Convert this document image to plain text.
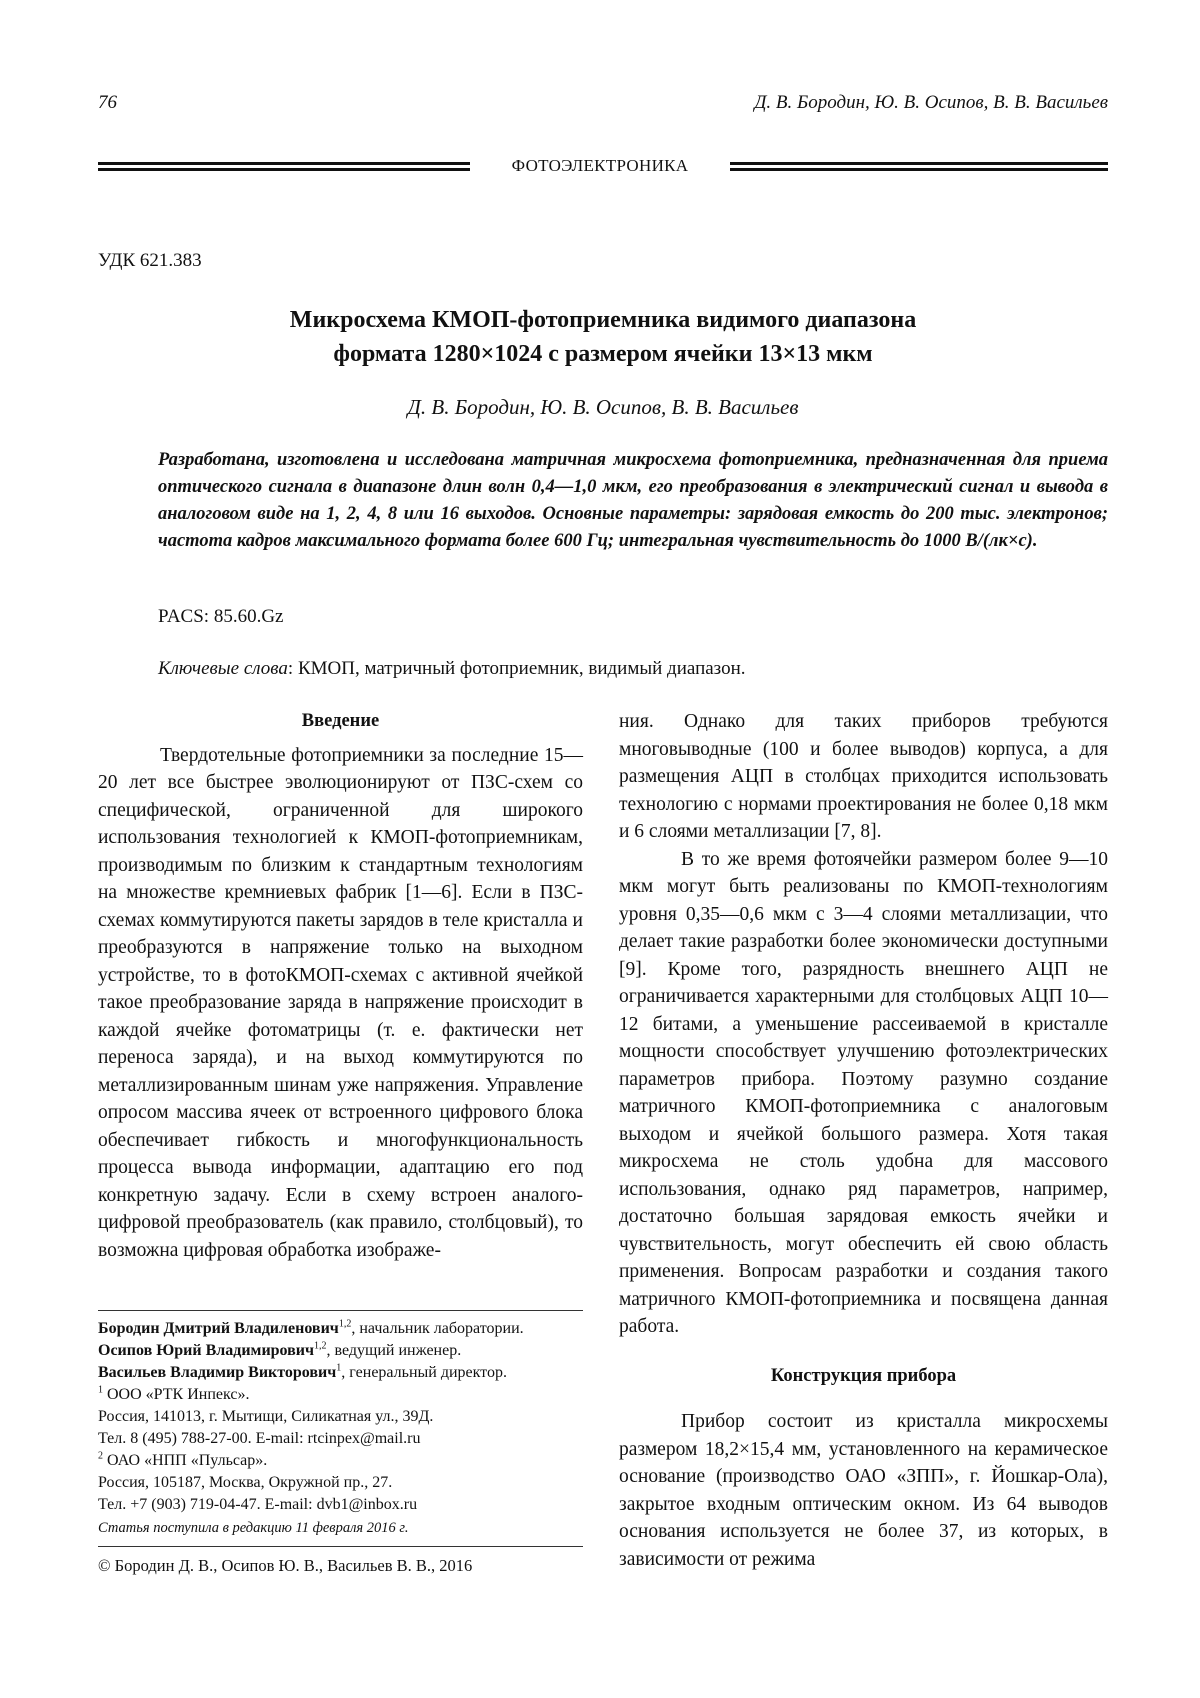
76	Д. В. Бородин, Ю. В. Осипов, В. В. Васильев
ФОТОЭЛЕКТРОНИКА
УДК 621.383
Микросхема КМОП-фотоприемника видимого диапазона
формата 1280×1024 с размером ячейки 13×13 мкм
Д. В. Бородин, Ю. В. Осипов, В. В. Васильев

Разработана, изготовлена и исследована матричная микросхема фотоприемника, предназначенная для приема оптического сигнала в диапазоне длин волн 0,4—1,0 мкм, его преобразования в электрический сигнал и вывода в аналоговом виде на 1, 2, 4, 8 или 16 выходов. Основные параметры: зарядовая емкость до 200 тыс. электронов; частота кадров максимального формата более 600 Гц; интегральная чувствительность до 1000 В/(лк×с).

PACS: 85.60.Gz
Ключевые слова: КМОП, матричный фотоприемник, видимый диапазон.

Введение

Твердотельные фотоприемники за последние 15—20 лет все быстрее эволюционируют от ПЗС-схем со специфической, ограниченной для широкого использования технологией к КМОП-фотоприемникам, производимым по близким к стандартным технологиям на множестве кремниевых фабрик [1—6]. Если в ПЗС-схемах коммутируются пакеты зарядов в теле кристалла и преобразуются в напряжение только на выходном устройстве, то в фотоКМОП-схемах с активной ячейкой такое преобразование заряда в напряжение происходит в каждой ячейке фотоматрицы (т. е. фактически нет переноса заряда), и на выход коммутируются по металлизированным шинам уже напряжения. Управление опросом массива ячеек от встроенного цифрового блока обеспечивает гибкость и многофункциональность процесса вывода информации, адаптацию его под конкретную задачу. Если в схему встроен аналого-цифровой преобразователь (как правило, столбцовый), то возможна цифровая обработка изображе-

ния. Однако для таких приборов требуются многовыводные (100 и более выводов) корпуса, а для размещения АЦП в столбцах приходится использовать технологию с нормами проектирования не более 0,18 мкм и 6 слоями металлизации [7, 8].

В то же время фотоячейки размером более 9—10 мкм могут быть реализованы по КМОП-технологиям уровня 0,35—0,6 мкм с 3—4 слоями металлизации, что делает такие разработки более экономически доступными [9]. Кроме того, разрядность внешнего АЦП не ограничивается характерными для столбцовых АЦП 10—12 битами, а уменьшение рассеиваемой в кристалле мощности способствует улучшению фотоэлектрических параметров прибора. Поэтому разумно создание матричного КМОП-фотоприемника с аналоговым выходом и ячейкой большого размера. Хотя такая микросхема не столь удобна для массового использования, однако ряд параметров, например, достаточно большая зарядовая емкость ячейки и чувствительность, могут обеспечить ей свою область применения. Вопросам разработки и создания такого матричного КМОП-фотоприемника и посвящена данная работа.

Конструкция прибора

Прибор состоит из кристалла микросхемы размером 18,2×15,4 мм, установленного на керамическое основание (производство ОАО «ЗПП», г. Йошкар-Ола), закрытое входным оптическим окном. Из 64 выводов основания используется не более 37, из которых, в зависимости от режима

Бородин Дмитрий Владиленович$^{1,2}$, начальник лаборатории.
Осипов Юрий Владимирович$^{1,2}$, ведущий инженер.
Васильев Владимир Викторович$^1$, генеральный директор.
$^1$ ООО «РТК Инпекс».
Россия, 141013, г. Мытищи, Силикатная ул., 39Д.
Тел. 8 (495) 788-27-00. E-mail: rtcinpex@mail.ru
$^2$ ОАО «НПП «Пульсар».
Россия, 105187, Москва, Окружной пр., 27.
Тел. +7 (903) 719-04-47. E-mail: dvb1@inbox.ru
Статья поступила в редакцию 11 февраля 2016 г.
© Бородин Д. В., Осипов Ю. В., Васильев В. В., 2016
